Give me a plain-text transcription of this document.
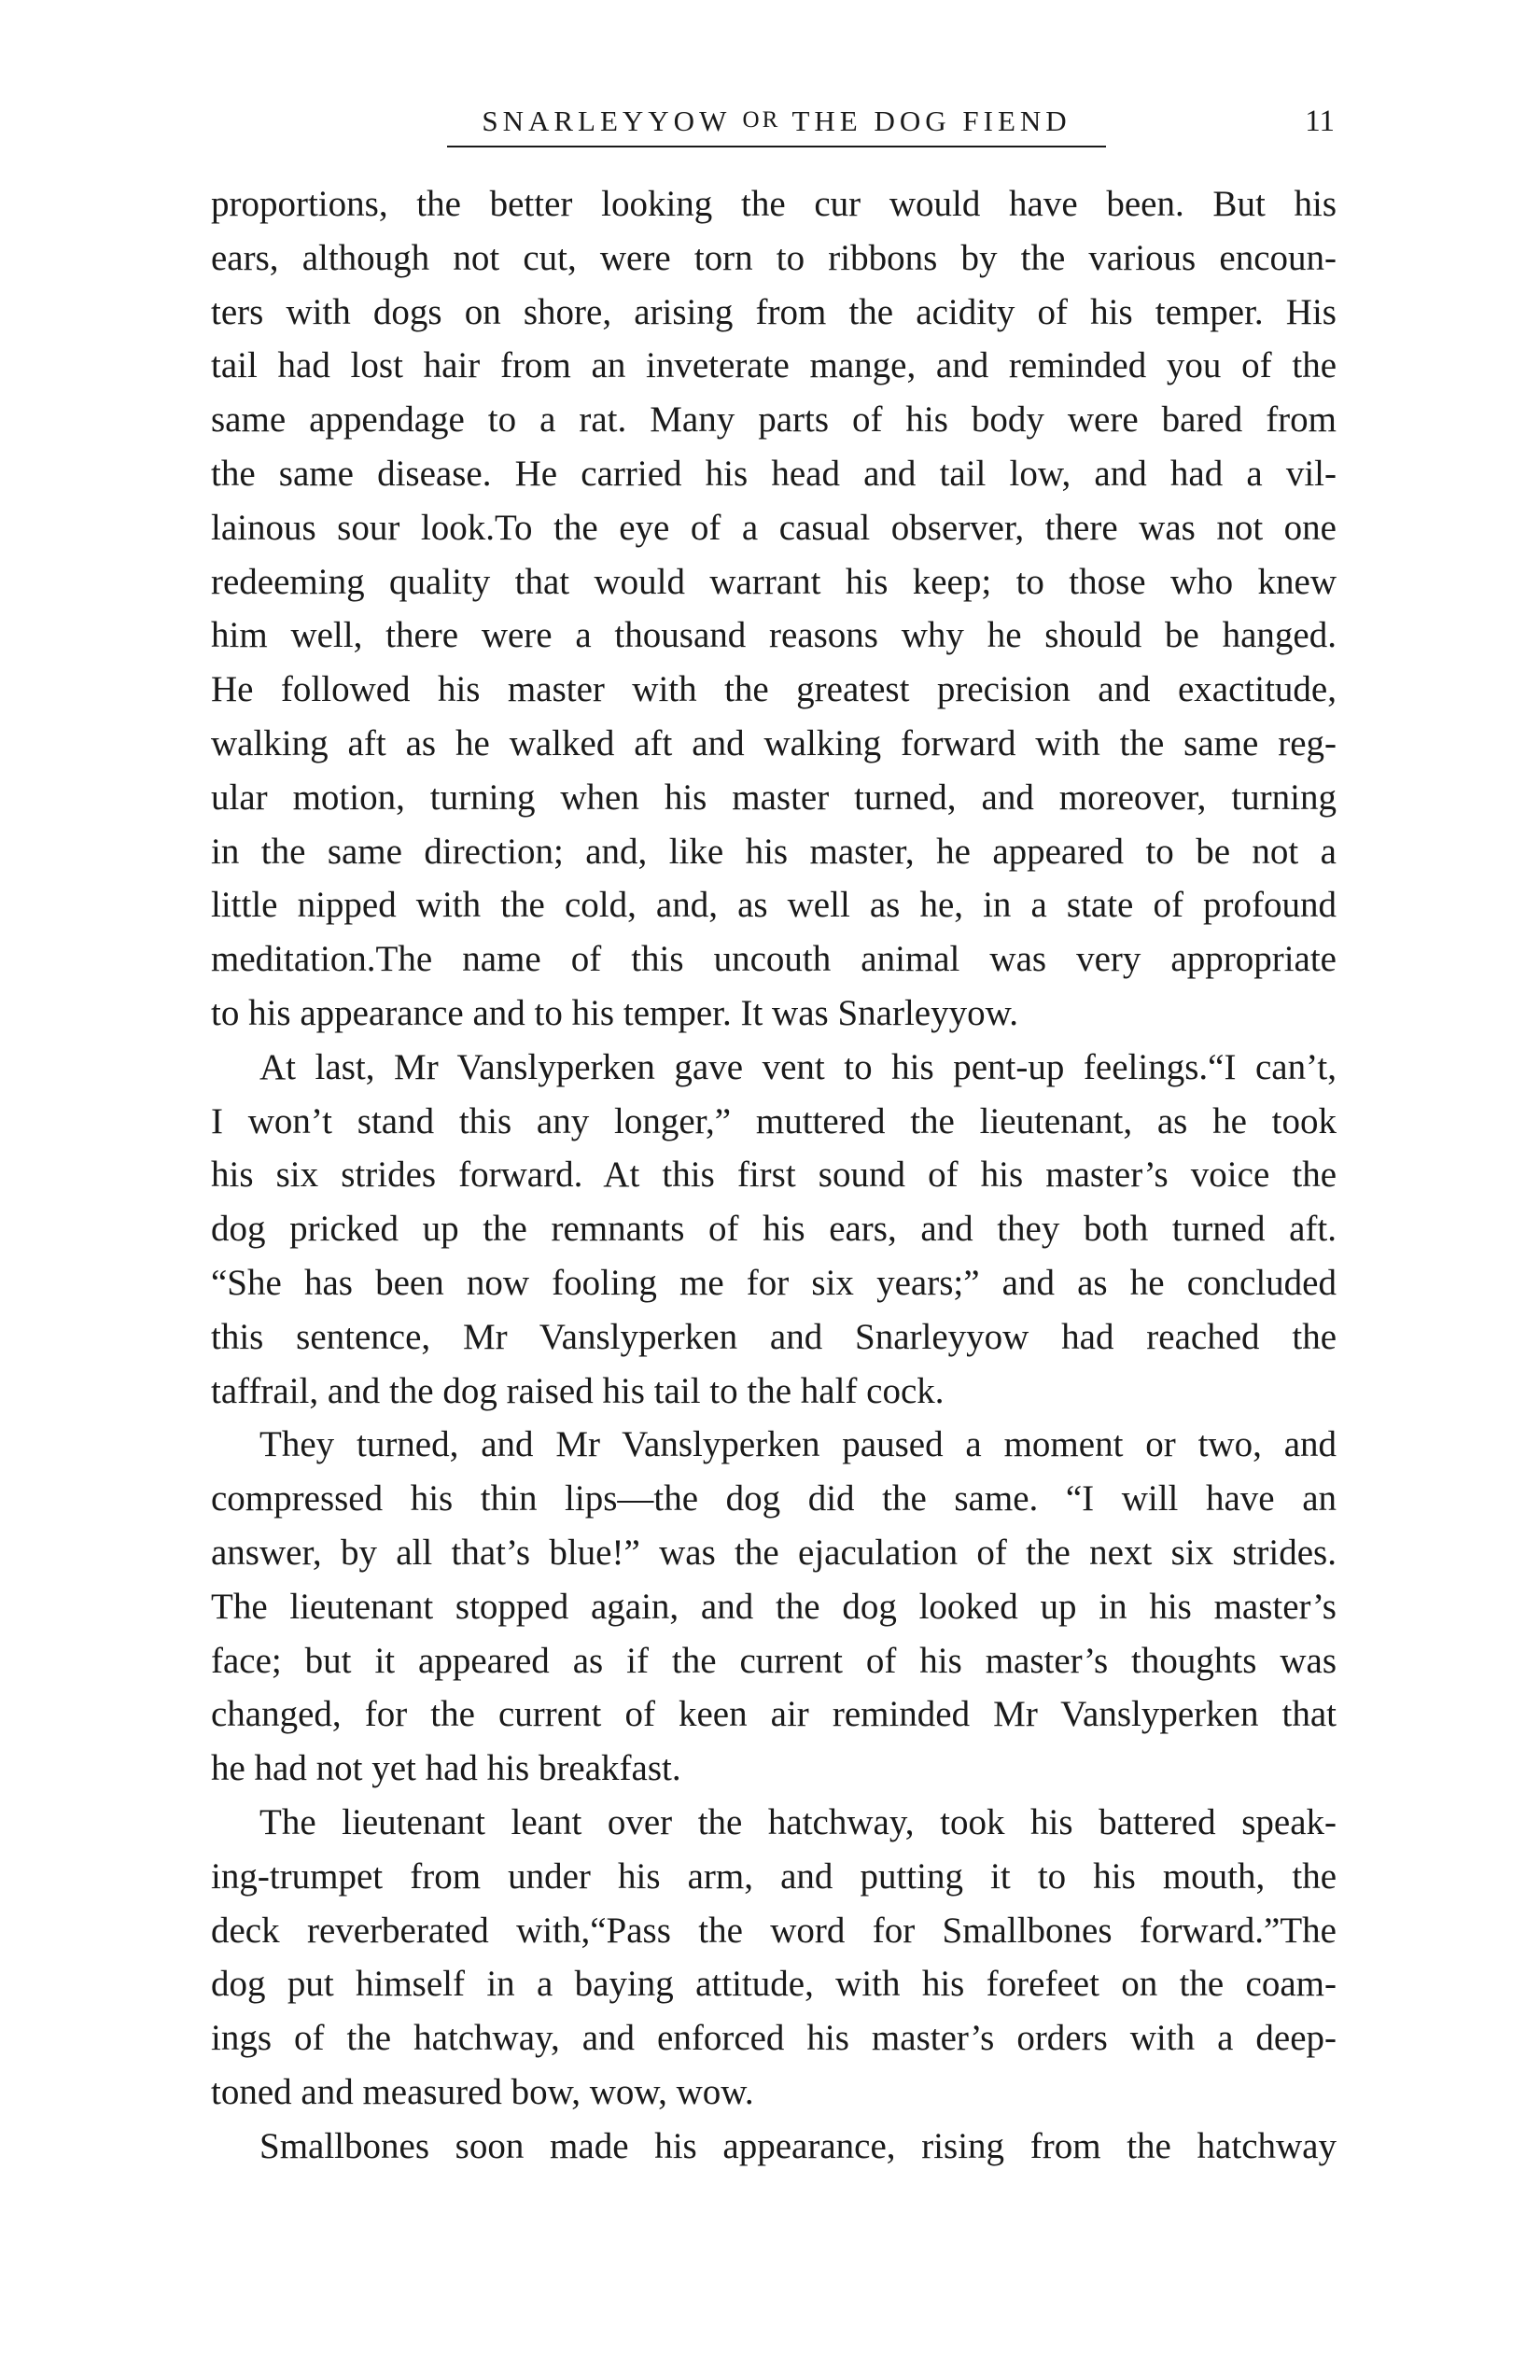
SNARLEYYOW OR THE DOG FIEND	11

proportions, the better looking the cur would have been. But his

ears, although not cut, were torn to ribbons by the various encoun-

ters with dogs on shore, arising from the acidity of his temper. His

tail had lost hair from an inveterate mange, and reminded you of the

same appendage to a rat. Many parts of his body were bared from

the same disease. He carried his head and tail low, and had a vil-

lainous sour look.To the eye of a casual observer, there was not one

redeeming quality that would warrant his keep; to those who knew

him well, there were a thousand reasons why he should be hanged.

He followed his master with the greatest precision and exactitude,

walking aft as he walked aft and walking forward with the same reg-

ular motion, turning when his master turned, and moreover, turning

in the same direction; and, like his master, he appeared to be not a

little nipped with the cold, and, as well as he, in a state of profound

meditation.The name of this uncouth animal was very appropriate

to his appearance and to his temper. It was Snarleyyow.

At last, Mr Vanslyperken gave vent to his pent-up feelings.“I can’t,

I won’t stand this any longer,” muttered the lieutenant, as he took

his six strides forward. At this first sound of his master’s voice the

dog pricked up the remnants of his ears, and they both turned aft.

“She has been now fooling me for six years;” and as he concluded

this sentence, Mr Vanslyperken and Snarleyyow had reached the

taffrail, and the dog raised his tail to the half cock.

They turned, and Mr Vanslyperken paused a moment or two, and

compressed his thin lips—the dog did the same. “I will have an

answer, by all that’s blue!” was the ejaculation of the next six strides.

The lieutenant stopped again, and the dog looked up in his master’s

face; but it appeared as if the current of his master’s thoughts was

changed, for the current of keen air reminded Mr Vanslyperken that

he had not yet had his breakfast.

The lieutenant leant over the hatchway, took his battered speak-

ing-trumpet from under his arm, and putting it to his mouth, the

deck reverberated with,“Pass the word for Smallbones forward.”The

dog put himself in a baying attitude, with his forefeet on the coam-

ings of the hatchway, and enforced his master’s orders with a deep-

toned and measured bow, wow, wow.

Smallbones soon made his appearance, rising from the hatchway
